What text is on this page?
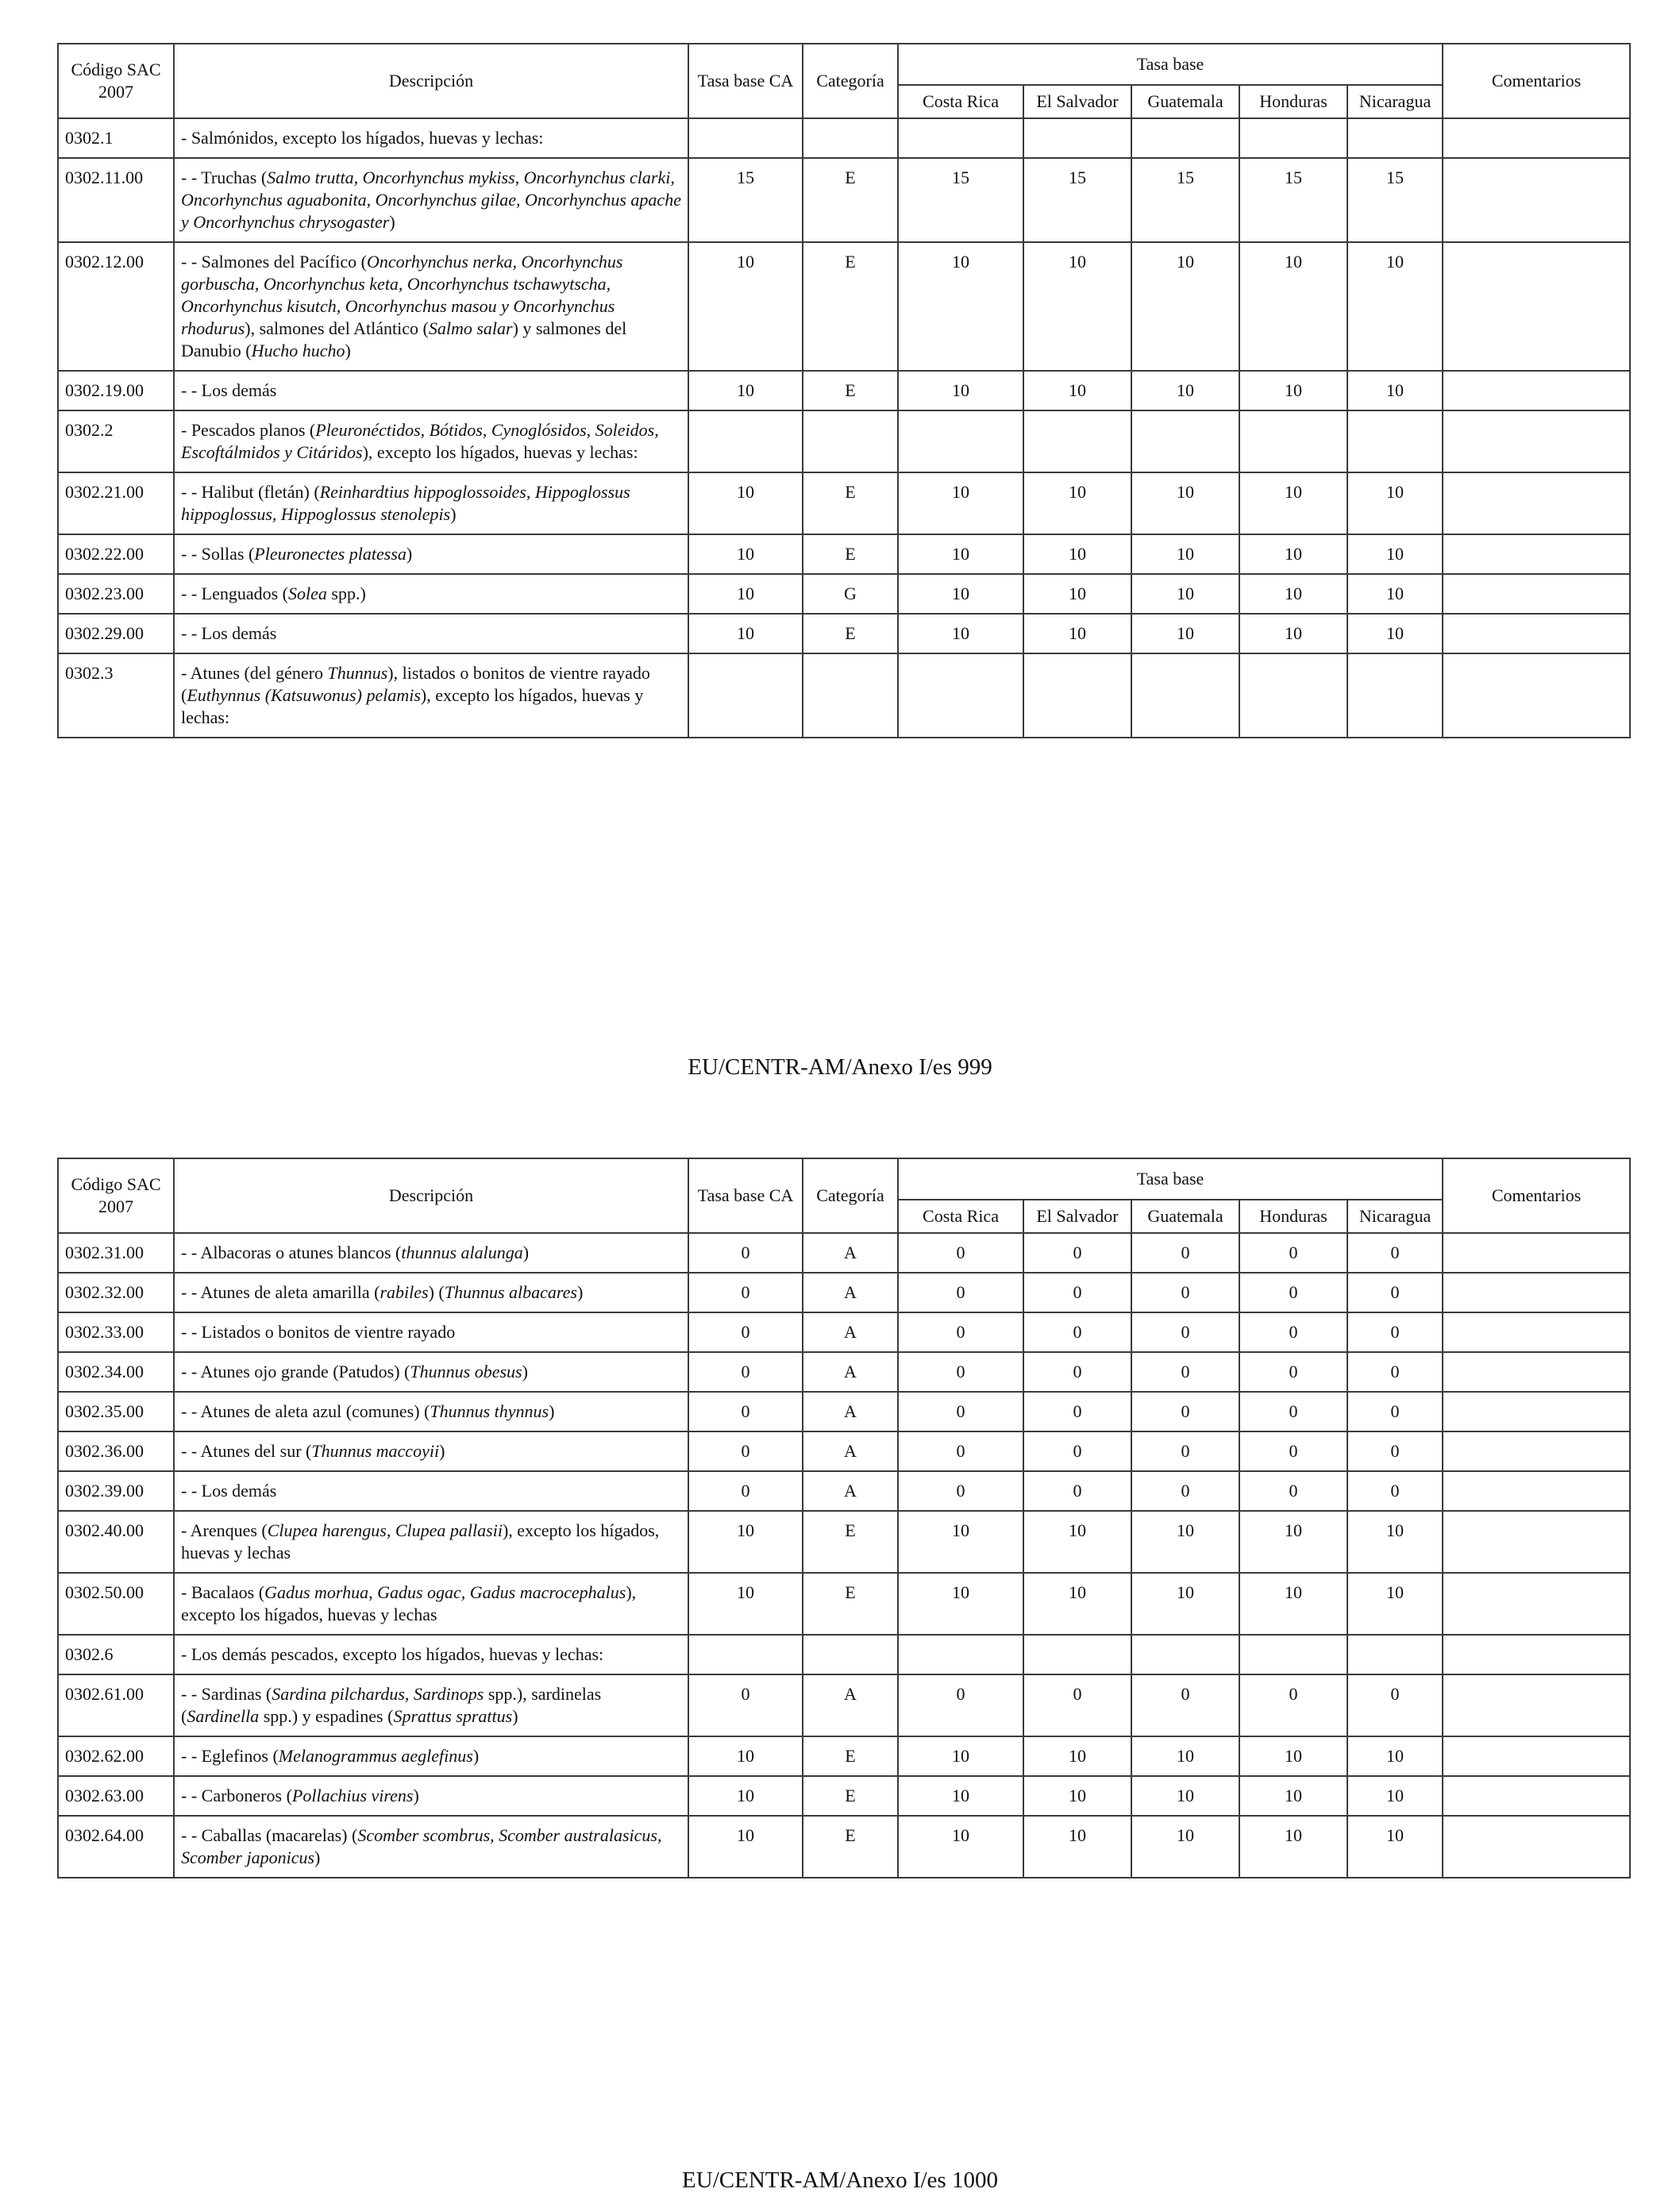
Código SAC 2007	Descripción	Tasa base CA	Categoría	Tasa base					Comentarios
				Costa Rica	El Salvador	Guatemala	Honduras	Nicaragua	
0302.1	- Salmónidos, excepto los hígados, huevas y lechas:								
0302.11.00	- - Truchas (Salmo trutta, Oncorhynchus mykiss, Oncorhynchus clarki, Oncorhynchus aguabonita, Oncorhynchus gilae, Oncorhynchus apache y Oncorhynchus chrysogaster)	15	E	15	15	15	15	15	
0302.12.00	- - Salmones del Pacífico (Oncorhynchus nerka, Oncorhynchus gorbuscha, Oncorhynchus keta, Oncorhynchus tschawytscha, Oncorhynchus kisutch, Oncorhynchus masou y Oncorhynchus rhodurus), salmones del Atlántico (Salmo salar) y salmones del Danubio (Hucho hucho)	10	E	10	10	10	10	10	
0302.19.00	- - Los demás	10	E	10	10	10	10	10	
0302.2	- Pescados planos (Pleuronéctidos, Bótidos, Cynoglósidos, Soleidos, Escoftálmidos y Citáridos), excepto los hígados, huevas y lechas:								
0302.21.00	- - Halibut (fletán) (Reinhardtius hippoglossoides, Hippoglossus hippoglossus, Hippoglossus stenolepis)	10	E	10	10	10	10	10	
0302.22.00	- - Sollas (Pleuronectes platessa)	10	E	10	10	10	10	10	
0302.23.00	- - Lenguados (Solea spp.)	10	G	10	10	10	10	10	
0302.29.00	- - Los demás	10	E	10	10	10	10	10	
0302.3	- Atunes (del género Thunnus), listados o bonitos de vientre rayado (Euthynnus (Katsuwonus) pelamis), excepto los hígados, huevas y lechas:								
EU/CENTR-AM/Anexo I/es 999
Código SAC 2007	Descripción	Tasa base CA	Categoría	Tasa base					Comentarios
				Costa Rica	El Salvador	Guatemala	Honduras	Nicaragua	
0302.31.00	- - Albacoras o atunes blancos (thunnus alalunga)	0	A	0	0	0	0	0	
0302.32.00	- - Atunes de aleta amarilla (rabiles) (Thunnus albacares)	0	A	0	0	0	0	0	
0302.33.00	- - Listados o bonitos de vientre rayado	0	A	0	0	0	0	0	
0302.34.00	- - Atunes ojo grande (Patudos) (Thunnus obesus)	0	A	0	0	0	0	0	
0302.35.00	- - Atunes de aleta azul (comunes) (Thunnus thynnus)	0	A	0	0	0	0	0	
0302.36.00	- - Atunes del sur (Thunnus maccoyii)	0	A	0	0	0	0	0	
0302.39.00	- - Los demás	0	A	0	0	0	0	0	
0302.40.00	- Arenques (Clupea harengus, Clupea pallasii), excepto los hígados, huevas y lechas	10	E	10	10	10	10	10	
0302.50.00	- Bacalaos (Gadus morhua, Gadus ogac, Gadus macrocephalus), excepto los hígados, huevas y lechas	10	E	10	10	10	10	10	
0302.6	- Los demás pescados, excepto los hígados, huevas y lechas:								
0302.61.00	- - Sardinas (Sardina pilchardus, Sardinops spp.), sardinelas (Sardinella spp.) y espadines (Sprattus sprattus)	0	A	0	0	0	0	0	
0302.62.00	- - Eglefinos (Melanogrammus aeglefinus)	10	E	10	10	10	10	10	
0302.63.00	- - Carboneros (Pollachius virens)	10	E	10	10	10	10	10	
0302.64.00	- - Caballas (macarelas) (Scomber scombrus, Scomber australasicus, Scomber japonicus)	10	E	10	10	10	10	10	
EU/CENTR-AM/Anexo I/es 1000
